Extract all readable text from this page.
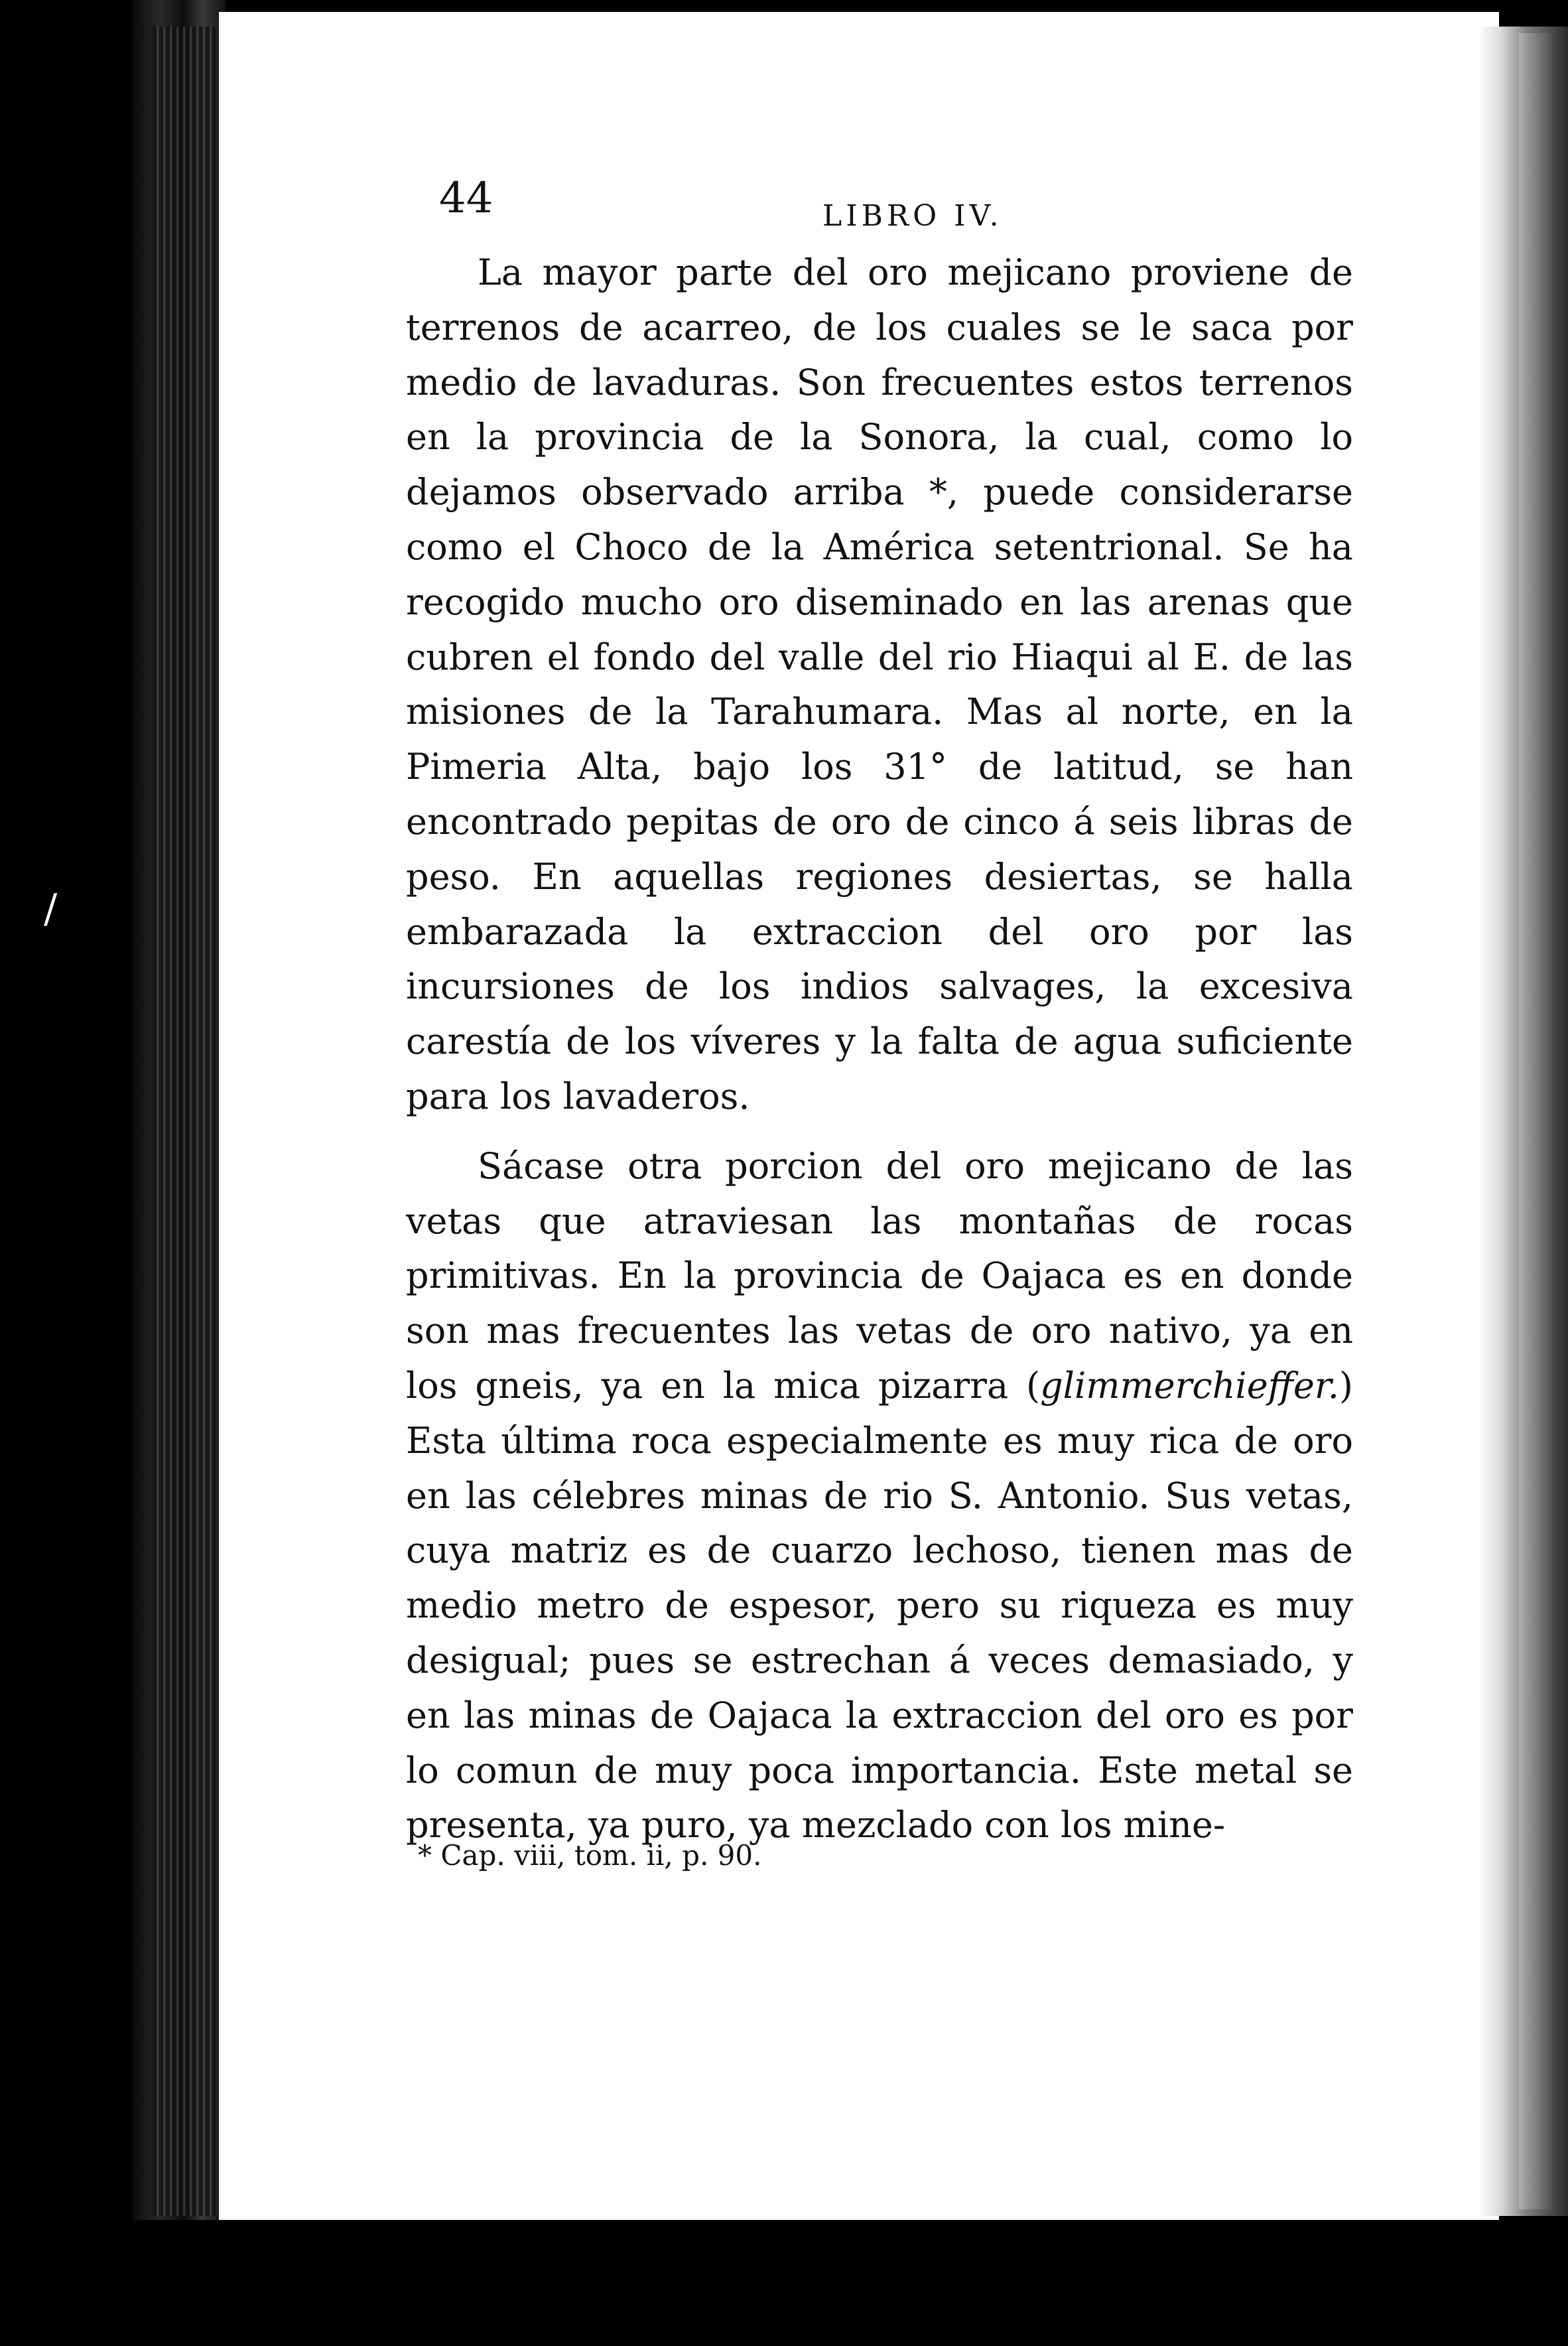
/
44	LIBRO IV.

La mayor parte del oro mejicano proviene de terrenos de acarreo, de los cuales se le saca por medio de lavaduras. Son frecuentes estos terrenos en la provincia de la Sonora, la cual, como lo dejamos observado arriba *, puede considerarse como el Choco de la América setentrional. Se ha recogido mucho oro diseminado en las arenas que cubren el fondo del valle del rio Hiaqui al E. de las misiones de la Tarahumara. Mas al norte, en la Pimeria Alta, bajo los 31° de latitud, se han encontrado pepitas de oro de cinco á seis libras de peso. En aquellas regiones desiertas, se halla embarazada la extraccion del oro por las incursiones de los indios salvages, la excesiva carestía de los víveres y la falta de agua suficiente para los lavaderos.

Sácase otra porcion del oro mejicano de las vetas que atraviesan las montañas de rocas primitivas. En la provincia de Oajaca es en donde son mas frecuentes las vetas de oro nativo, ya en los gneis, ya en la mica pizarra (glimmerchieffer.) Esta última roca especialmente es muy rica de oro en las célebres minas de rio S. Antonio. Sus vetas, cuya matriz es de cuarzo lechoso, tienen mas de medio metro de espesor, pero su riqueza es muy desigual; pues se estrechan á veces demasiado, y en las minas de Oajaca la extraccion del oro es por lo comun de muy poca importancia. Este metal se presenta, ya puro, ya mezclado con los mine-

* Cap. viii, tom. ii, p. 90.
